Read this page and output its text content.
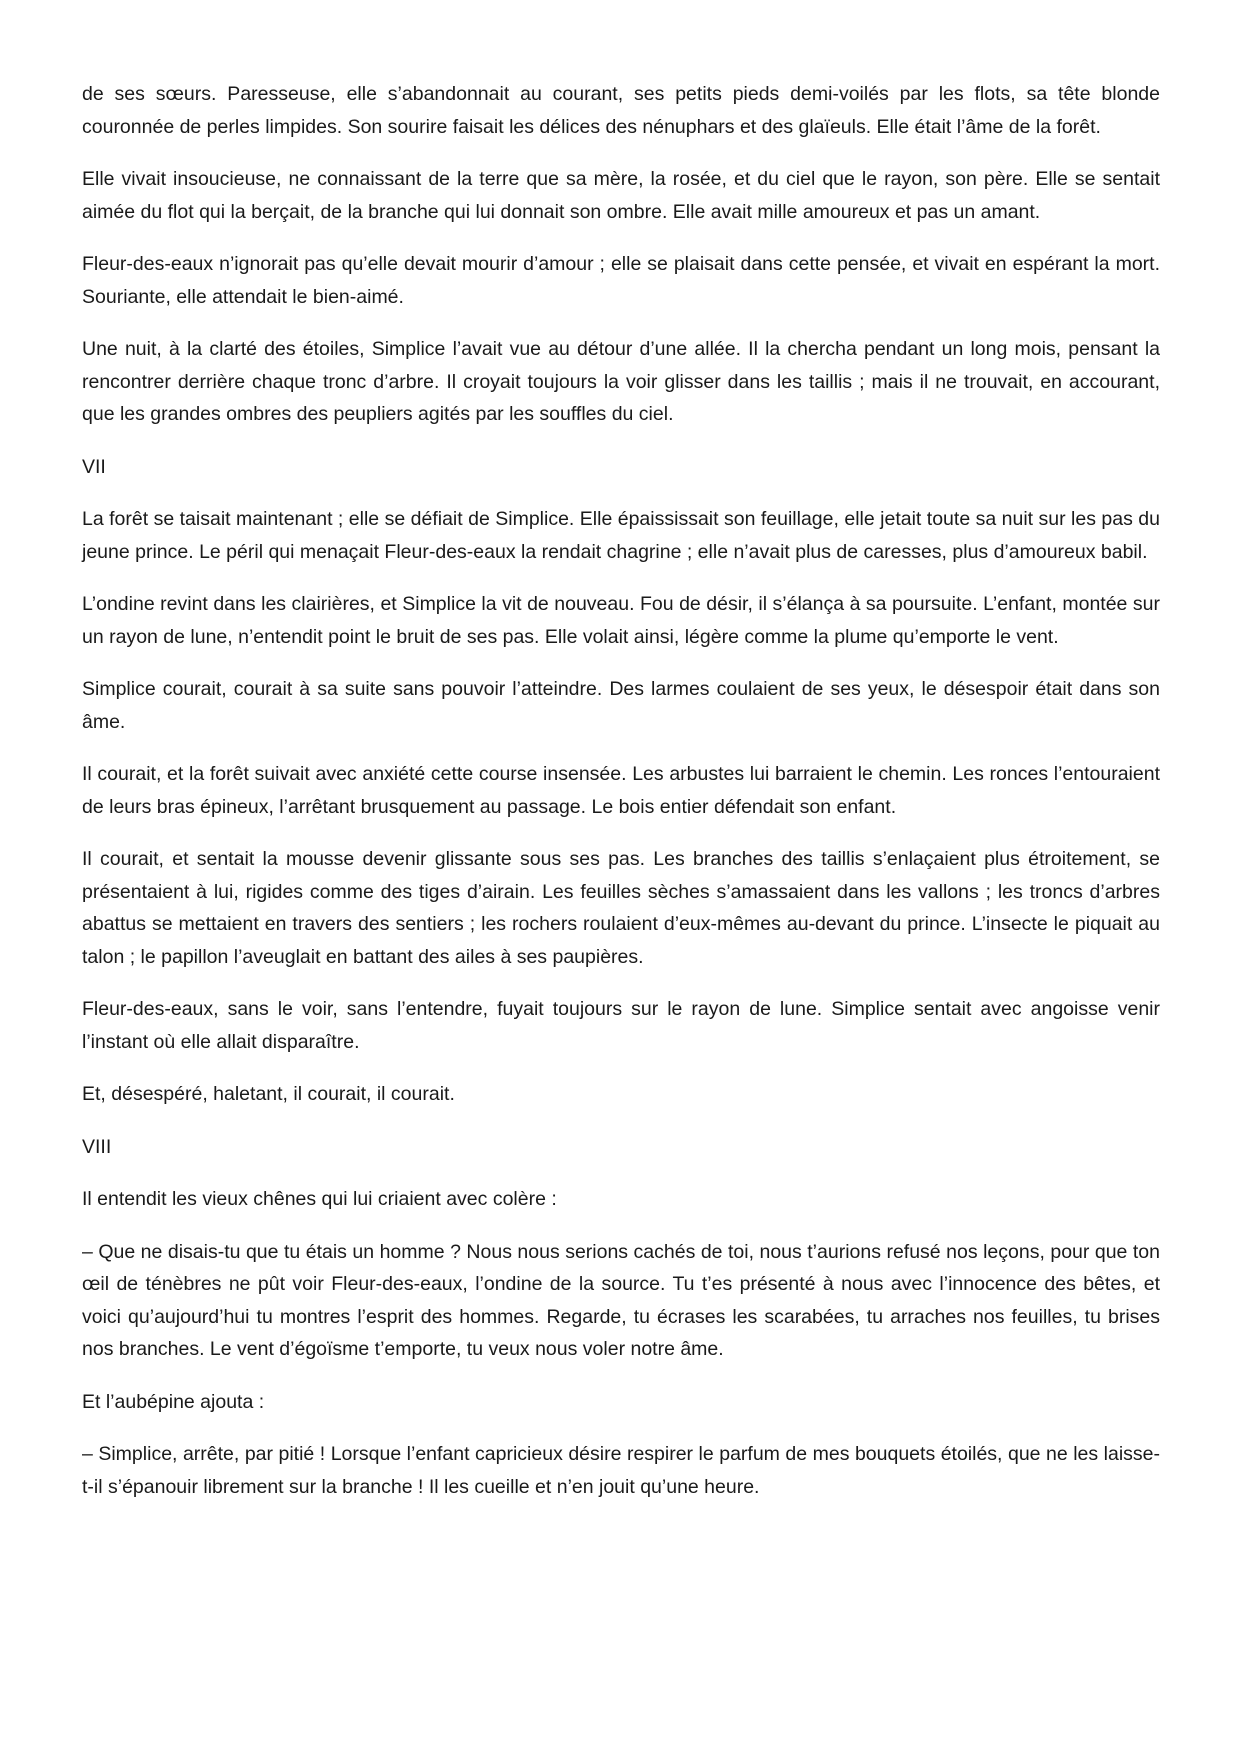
de ses sœurs. Paresseuse, elle s’abandonnait au courant, ses petits pieds demi-voilés par les flots, sa tête blonde couronnée de perles limpides. Son sourire faisait les délices des nénuphars et des glaïeuls. Elle était l’âme de la forêt.

Elle vivait insoucieuse, ne connaissant de la terre que sa mère, la rosée, et du ciel que le rayon, son père. Elle se sentait aimée du flot qui la berçait, de la branche qui lui donnait son ombre. Elle avait mille amoureux et pas un amant.

Fleur-des-eaux n’ignorait pas qu’elle devait mourir d’amour ; elle se plaisait dans cette pensée, et vivait en espérant la mort. Souriante, elle attendait le bien-aimé.

Une nuit, à la clarté des étoiles, Simplice l’avait vue au détour d’une allée. Il la chercha pendant un long mois, pensant la rencontrer derrière chaque tronc d’arbre. Il croyait toujours la voir glisser dans les taillis ; mais il ne trouvait, en accourant, que les grandes ombres des peupliers agités par les souffles du ciel.

VII

La forêt se taisait maintenant ; elle se défiait de Simplice. Elle épaississait son feuillage, elle jetait toute sa nuit sur les pas du jeune prince. Le péril qui menaçait Fleur-des-eaux la rendait chagrine ; elle n’avait plus de caresses, plus d’amoureux babil.

L’ondine revint dans les clairières, et Simplice la vit de nouveau. Fou de désir, il s’élança à sa poursuite. L’enfant, montée sur un rayon de lune, n’entendit point le bruit de ses pas. Elle volait ainsi, légère comme la plume qu’emporte le vent.

Simplice courait, courait à sa suite sans pouvoir l’atteindre. Des larmes coulaient de ses yeux, le désespoir était dans son âme.

Il courait, et la forêt suivait avec anxiété cette course insensée. Les arbustes lui barraient le chemin. Les ronces l’entouraient de leurs bras épineux, l’arrêtant brusquement au passage. Le bois entier défendait son enfant.

Il courait, et sentait la mousse devenir glissante sous ses pas. Les branches des taillis s’enlaçaient plus étroitement, se présentaient à lui, rigides comme des tiges d’airain. Les feuilles sèches s’amassaient dans les vallons ; les troncs d’arbres abattus se mettaient en travers des sentiers ; les rochers roulaient d’eux-mêmes au-devant du prince. L’insecte le piquait au talon ; le papillon l’aveuglait en battant des ailes à ses paupières.

Fleur-des-eaux, sans le voir, sans l’entendre, fuyait toujours sur le rayon de lune. Simplice sentait avec angoisse venir l’instant où elle allait disparaître.

Et, désespéré, haletant, il courait, il courait.

VIII

Il entendit les vieux chênes qui lui criaient avec colère :

– Que ne disais-tu que tu étais un homme ? Nous nous serions cachés de toi, nous t’aurions refusé nos leçons, pour que ton œil de ténèbres ne pût voir Fleur-des-eaux, l’ondine de la source. Tu t’es présenté à nous avec l’innocence des bêtes, et voici qu’aujourd’hui tu montres l’esprit des hommes. Regarde, tu écrases les scarabées, tu arraches nos feuilles, tu brises nos branches. Le vent d’égoïsme t’emporte, tu veux nous voler notre âme.

Et l’aubépine ajouta :

– Simplice, arrête, par pitié ! Lorsque l’enfant capricieux désire respirer le parfum de mes bouquets étoilés, que ne les laisse-t-il s’épanouir librement sur la branche ! Il les cueille et n’en jouit qu’une heure.
